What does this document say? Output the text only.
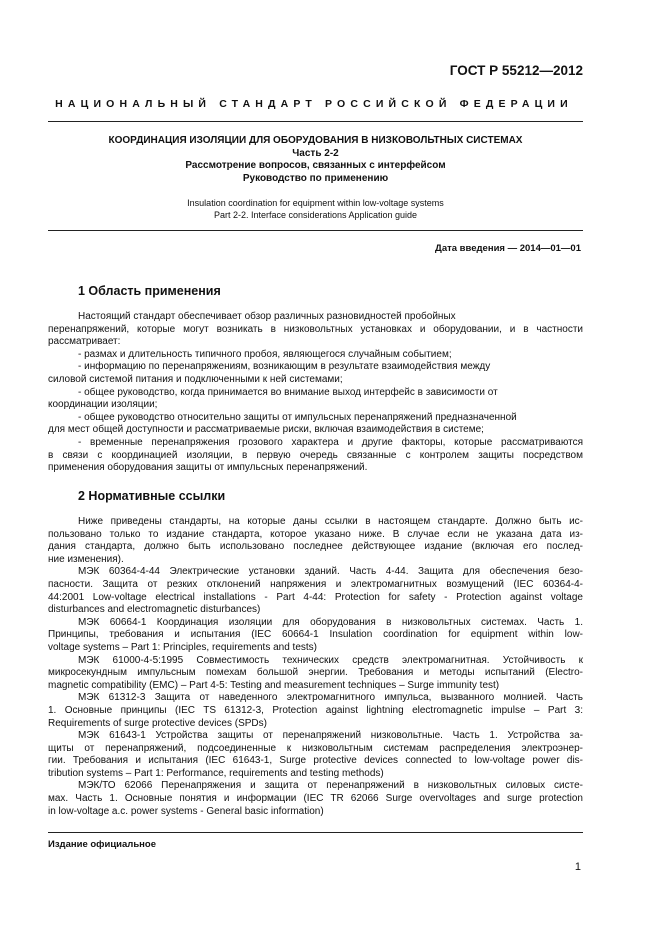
ГОСТ Р 55212—2012
НАЦИОНАЛЬНЫЙ СТАНДАРТ РОССИЙСКОЙ ФЕДЕРАЦИИ
КООРДИНАЦИЯ ИЗОЛЯЦИИ ДЛЯ ОБОРУДОВАНИЯ В НИЗКОВОЛЬТНЫХ СИСТЕМАХ
Часть 2-2
Рассмотрение вопросов, связанных с интерфейсом
Руководство по применению
Insulation coordination for equipment within low-voltage systems
Part 2-2. Interface considerations Application guide
Дата введения — 2014—01—01
1 Область применения
Настоящий стандарт обеспечивает обзор различных разновидностей пробойных
перенапряжений, которые могут возникать в низковольтных установках и оборудовании, и в частности
рассматривает:
- размах и длительность типичного пробоя, являющегося случайным событием;
- информацию по перенапряжениям, возникающим в результате взаимодействия между
силовой системой питания и подключенными к ней системами;
- общее руководство, когда принимается во внимание выход интерфейс в зависимости от
координации изоляции;
- общее руководство относительно защиты от импульсных перенапряжений предназначенной
для мест общей доступности и рассматриваемые риски, включая взаимодействия в системе;
- временные перенапряжения грозового характера и другие факторы, которые рассматриваются
в связи с координацией изоляции, в первую очередь связанные с контролем защиты посредством
применения оборудования защиты от импульсных перенапряжений.
2 Нормативные ссылки
Ниже приведены стандарты, на которые даны ссылки в настоящем стандарте. Должно быть ис-
пользовано только то издание стандарта, которое указано ниже. В случае если не указана дата из-
дания стандарта, должно быть использовано последнее действующее издание (включая его послед-
ние изменения).
МЭК 60364-4-44 Электрические установки зданий. Часть 4-44. Защита для обеспечения безо-
пасности. Защита от резких отклонений напряжения и электромагнитных возмущений (IEC 60364-4-
44:2001 Low-voltage electrical installations - Part 4-44: Protection for safety - Protection against voltage
disturbances and electromagnetic disturbances)
МЭК 60664-1 Координация изоляции для оборудования в низковольтных системах. Часть 1.
Принципы, требования и испытания (IEC 60664-1 Insulation coordination for equipment within low-
voltage systems – Part 1: Principles, requirements and tests)
МЭК 61000-4-5:1995 Совместимость технических средств электромагнитная. Устойчивость к
микросекундным импульсным помехам большой энергии. Требования и методы испытаний (Electro-
magnetic compatibility (EMC) – Part 4-5: Testing and measurement techniques – Surge immunity test)
МЭК 61312-3 Защита от наведенного электромагнитного импульса, вызванного молнией. Часть
1. Основные принципы (IEC TS 61312-3, Protection against lightning electromagnetic impulse – Part 3:
Requirements of surge protective devices (SPDs)
МЭК 61643-1 Устройства защиты от перенапряжений низковольтные. Часть 1. Устройства за-
щиты от перенапряжений, подсоединенные к низковольтным системам распределения электроэнер-
гии. Требования и испытания (IEC 61643-1, Surge protective devices connected to low-voltage power dis-
tribution systems – Part 1: Performance, requirements and testing methods)
МЭК/ТО 62066 Перенапряжения и защита от перенапряжений в низковольтных силовых систе-
мах. Часть 1. Основные понятия и информации (IEC TR 62066 Surge overvoltages and surge protection
in low-voltage a.c. power systems - General basic information)
Издание официальное
1
